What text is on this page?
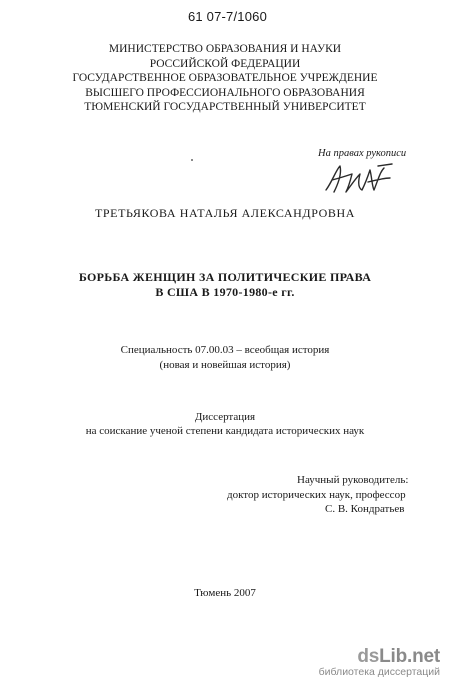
61 07-7/1060
МИНИСТЕРСТВО ОБРАЗОВАНИЯ И НАУКИ
РОССИЙСКОЙ ФЕДЕРАЦИИ
ГОСУДАРСТВЕННОЕ ОБРАЗОВАТЕЛЬНОЕ УЧРЕЖДЕНИЕ
ВЫСШЕГО ПРОФЕССИОНАЛЬНОГО ОБРАЗОВАНИЯ
ТЮМЕНСКИЙ ГОСУДАРСТВЕННЫЙ УНИВЕРСИТЕТ
На правах рукописи
ТРЕТЬЯКОВА НАТАЛЬЯ АЛЕКСАНДРОВНА
БОРЬБА ЖЕНЩИН ЗА ПОЛИТИЧЕСКИЕ ПРАВА
В США В 1970-1980-е гг.
Специальность 07.00.03 – всеобщая история
(новая и новейшая история)
Диссертация
на соискание ученой степени кандидата исторических наук
Научный руководитель:
доктор исторических наук, профессор
С. В. Кондратьев
Тюмень 2007
dsLib.net
библиотека диссертаций
